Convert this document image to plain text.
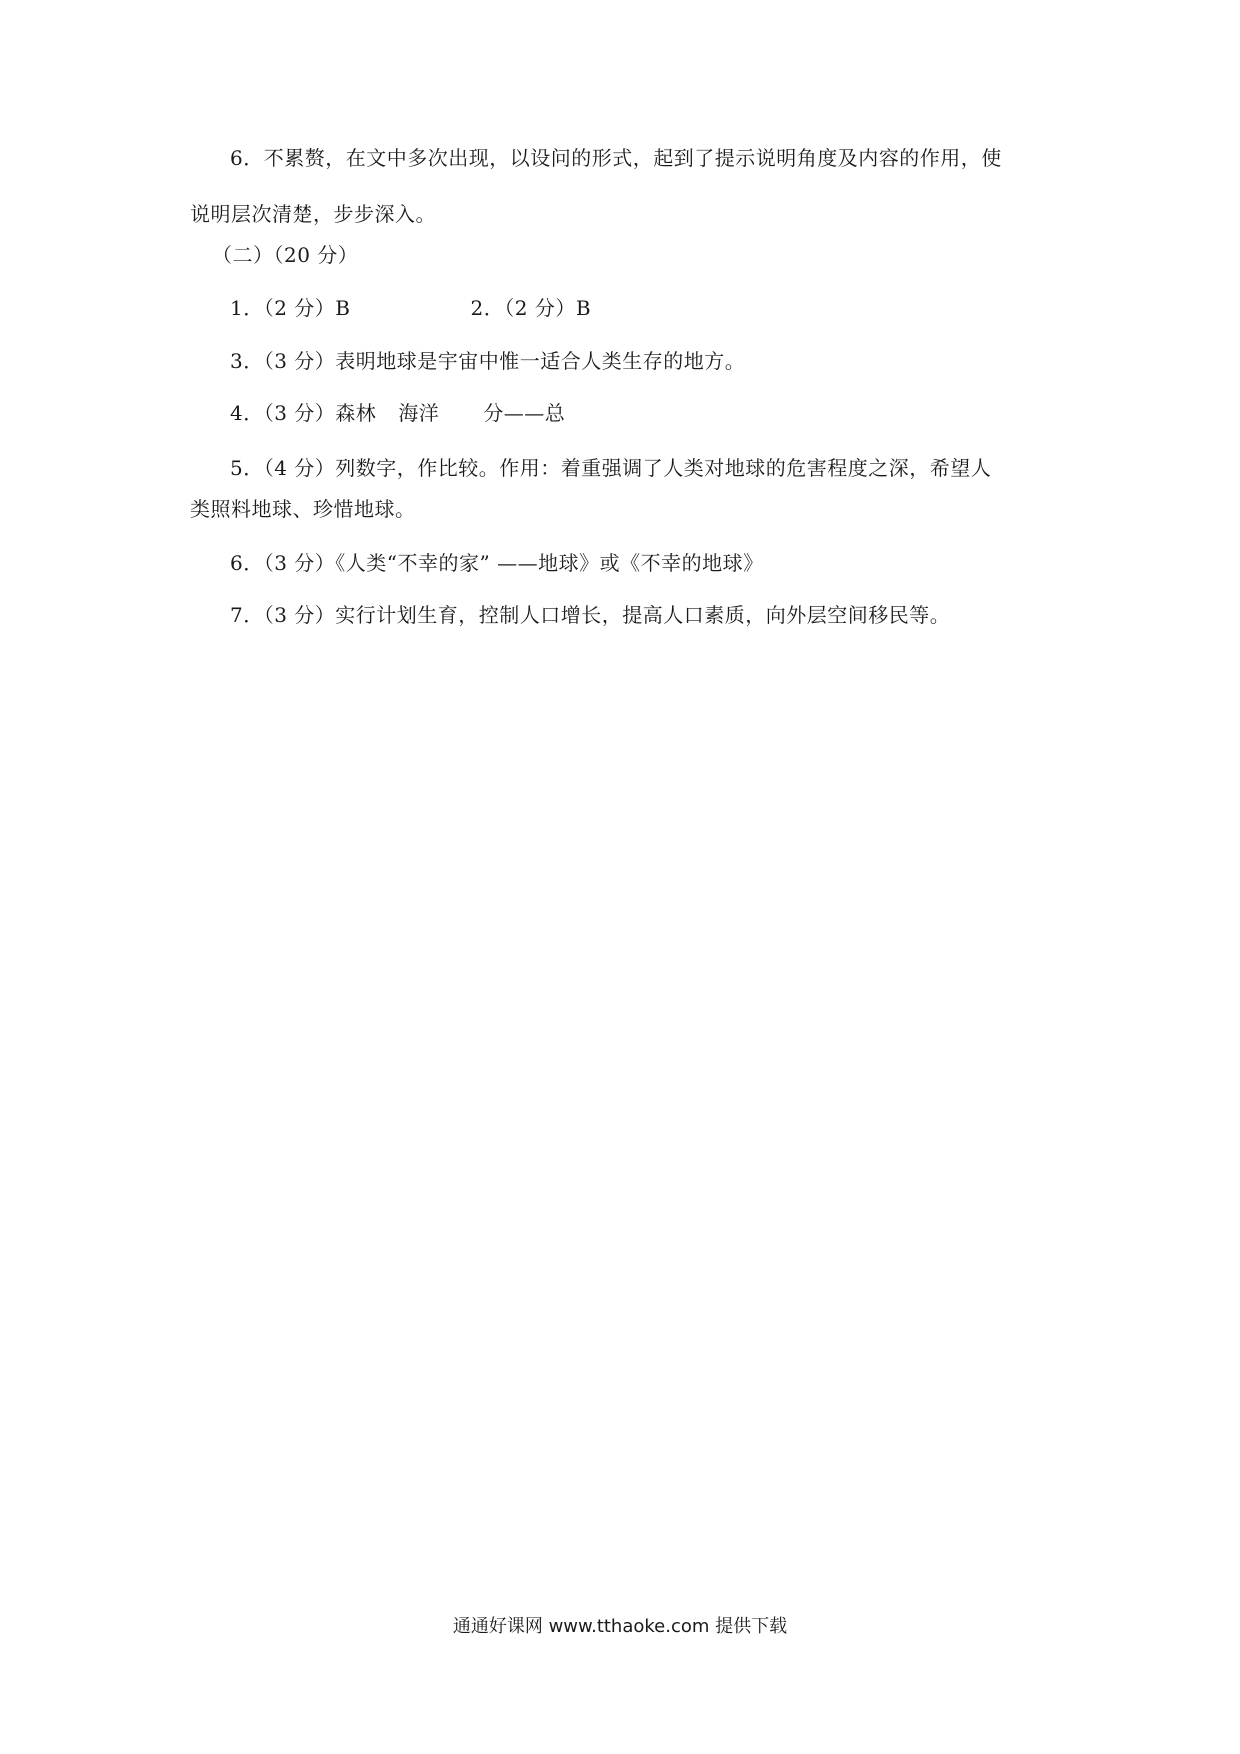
6．不累赘，在文中多次出现，以设问的形式，起到了提示说明角度及内容的作用，使
说明层次清楚，步步深入。
（二）（20 分）
1．（2 分）B	2．（2 分）B
3．（3 分）表明地球是宇宙中惟一适合人类生存的地方。
4．（3 分）森林 海洋 分——总
5．（4 分）列数字，作比较。作用：着重强调了人类对地球的危害程度之深，希望人
类照料地球、珍惜地球。
6．（3 分）《人类“不幸的家” ——地球》或《不幸的地球》
7．（3 分）实行计划生育，控制人口增长，提高人口素质，向外层空间移民等。
通通好课网 www.tthaoke.com 提供下载
